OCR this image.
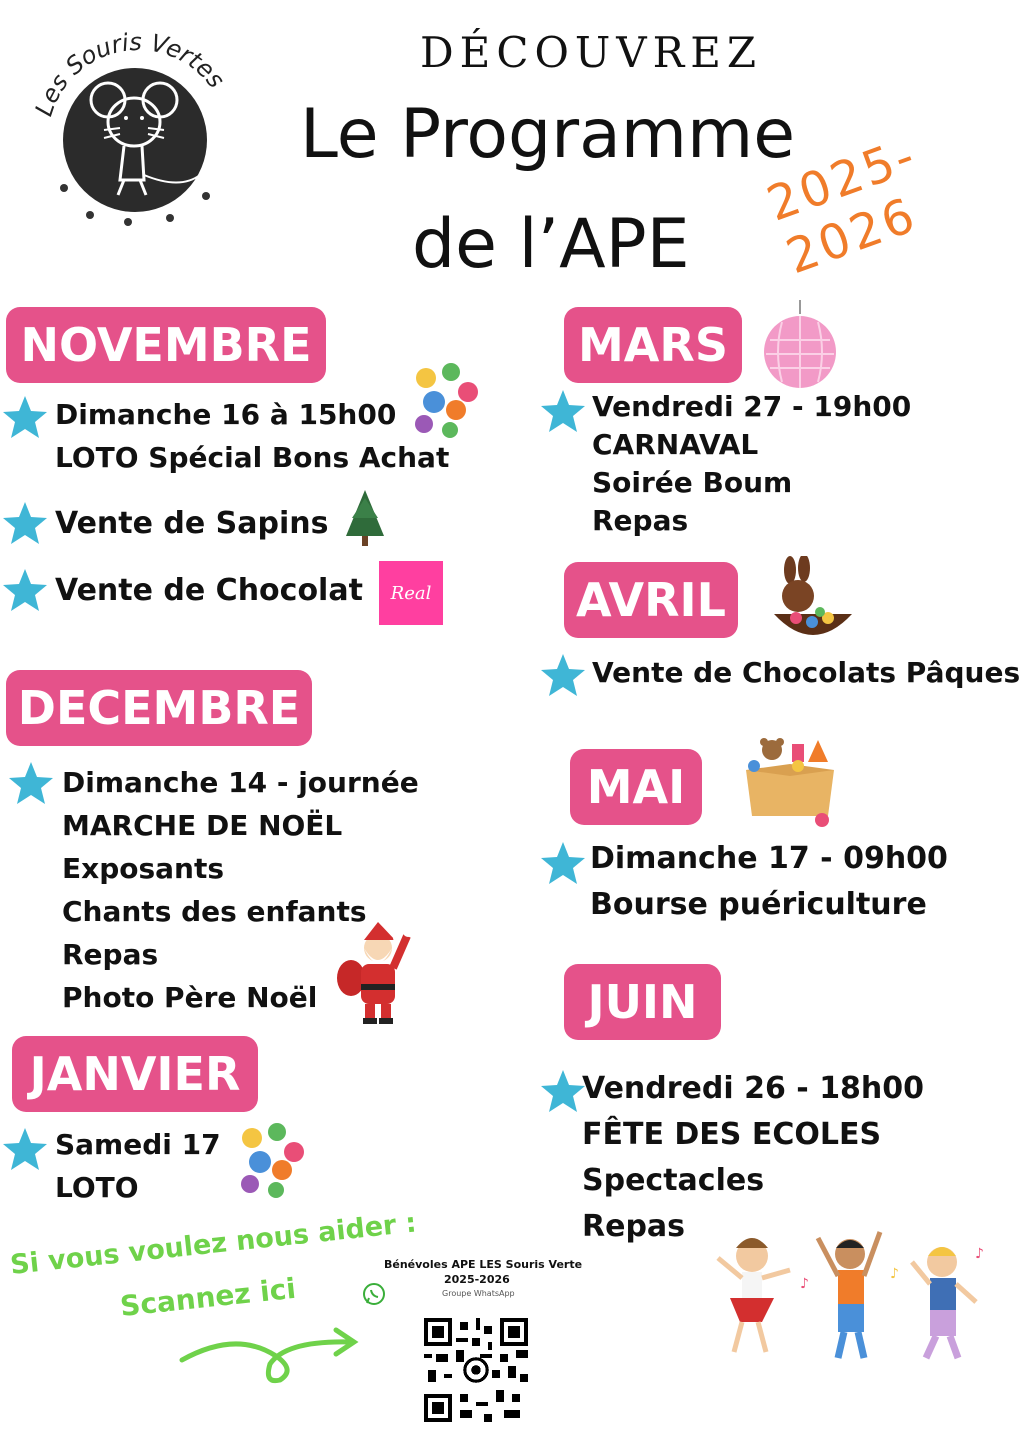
Les Souris Vertes
DÉCOUVREZ
Le Programme
de l’APE
2025-2026
NOVEMBRE
Dimanche 16 à 15h00
LOTO Spécial Bons Achat
Vente de Sapins
Vente de Chocolat Real
DECEMBRE
Dimanche 14 - journée
MARCHE DE NOËL
Exposants
Chants des enfants
Repas
Photo Père Noël
JANVIER
Samedi 17
LOTO
MARS
Vendredi 27 - 19h00
CARNAVAL
Soirée Boum
Repas
AVRIL
Vente de Chocolats Pâques
MAI
Dimanche 17 - 09h00
Bourse puériculture
JUIN
Vendredi 26 - 18h00
FÊTE DES ECOLES
Spectacles
Repas
♪
♪
♪
Si vous voulez nous aider :
Scannez ici
Bénévoles APE LES Souris Verte
2025-2026
Groupe WhatsApp
